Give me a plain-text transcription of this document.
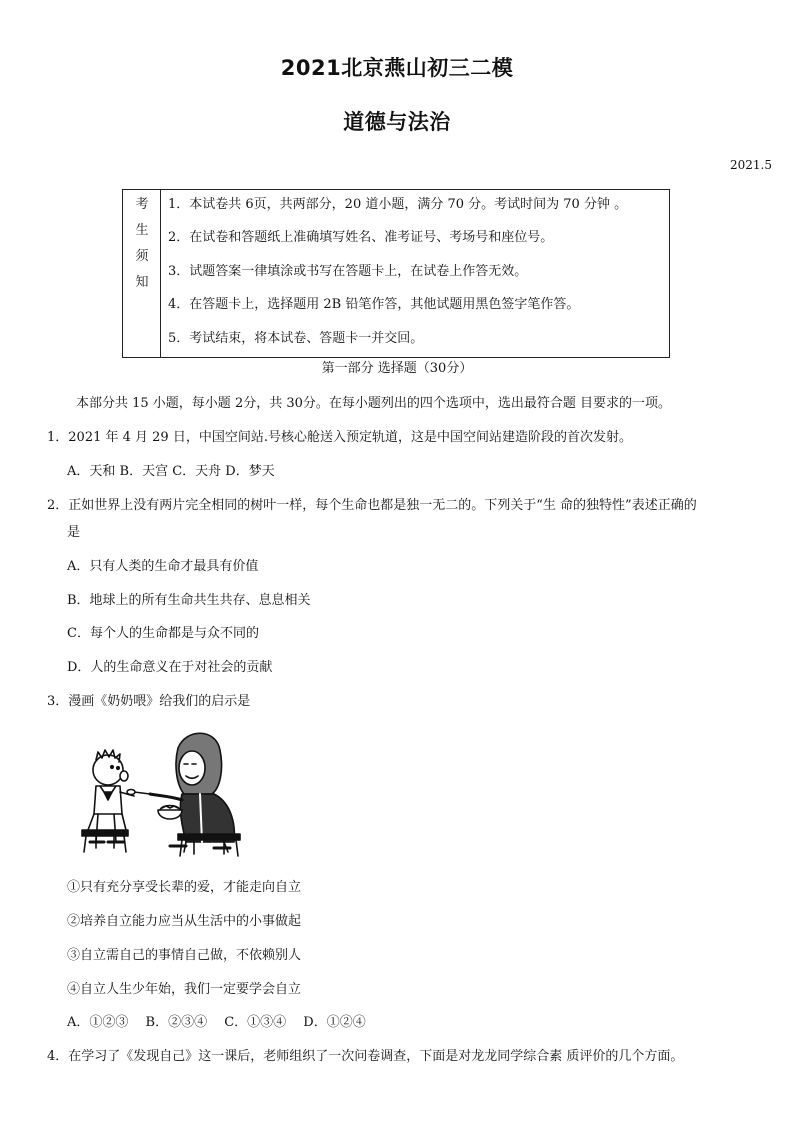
2021北京燕山初三二模
道德与法治
2021.5
考
生
须
知
1．本试卷共 6页，共两部分，20 道小题，满分 70 分。考试时间为 70 分钟 。
2．在试卷和答题纸上准确填写姓名、准考证号、考场号和座位号。
3．试题答案一律填涂或书写在答题卡上，在试卷上作答无效。
4．在答题卡上，选择题用 2B 铅笔作答，其他试题用黑色签字笔作答。
5．考试结束，将本试卷、答题卡一并交回。
第一部分 选择题（30分）
本部分共 15 小题，每小题 2分，共 30分。在每小题列出的四个选项中，选出最符合题 目要求的一项。
1．2021 年 4 月 29 日，中国空间站.号核心舱送入预定轨道，这是中国空间站建造阶段的首次发射。
A．天和 B．天宫 C．天舟 D．梦天
2．正如世界上没有两片完全相同的树叶一样，每个生命也都是独一无二的。下列关于“生 命的独特性”表述正确的
是
A．只有人类的生命才最具有价值
B．地球上的所有生命共生共存、息息相关
C．每个人的生命都是与众不同的
D．人的生命意义在于对社会的贡献
3．漫画《奶奶喂》给我们的启示是
①只有充分享受长辈的爱，才能走向自立
②培养自立能力应当从生活中的小事做起
③自立需自己的事情自己做，不依赖别人
④自立人生少年始，我们一定要学会自立
A．①②③　 B．②③④　 C．①③④　 D．①②④
4．在学习了《发现自己》这一课后，老师组织了一次问卷调查，下面是对龙龙同学综合素 质评价的几个方面。
